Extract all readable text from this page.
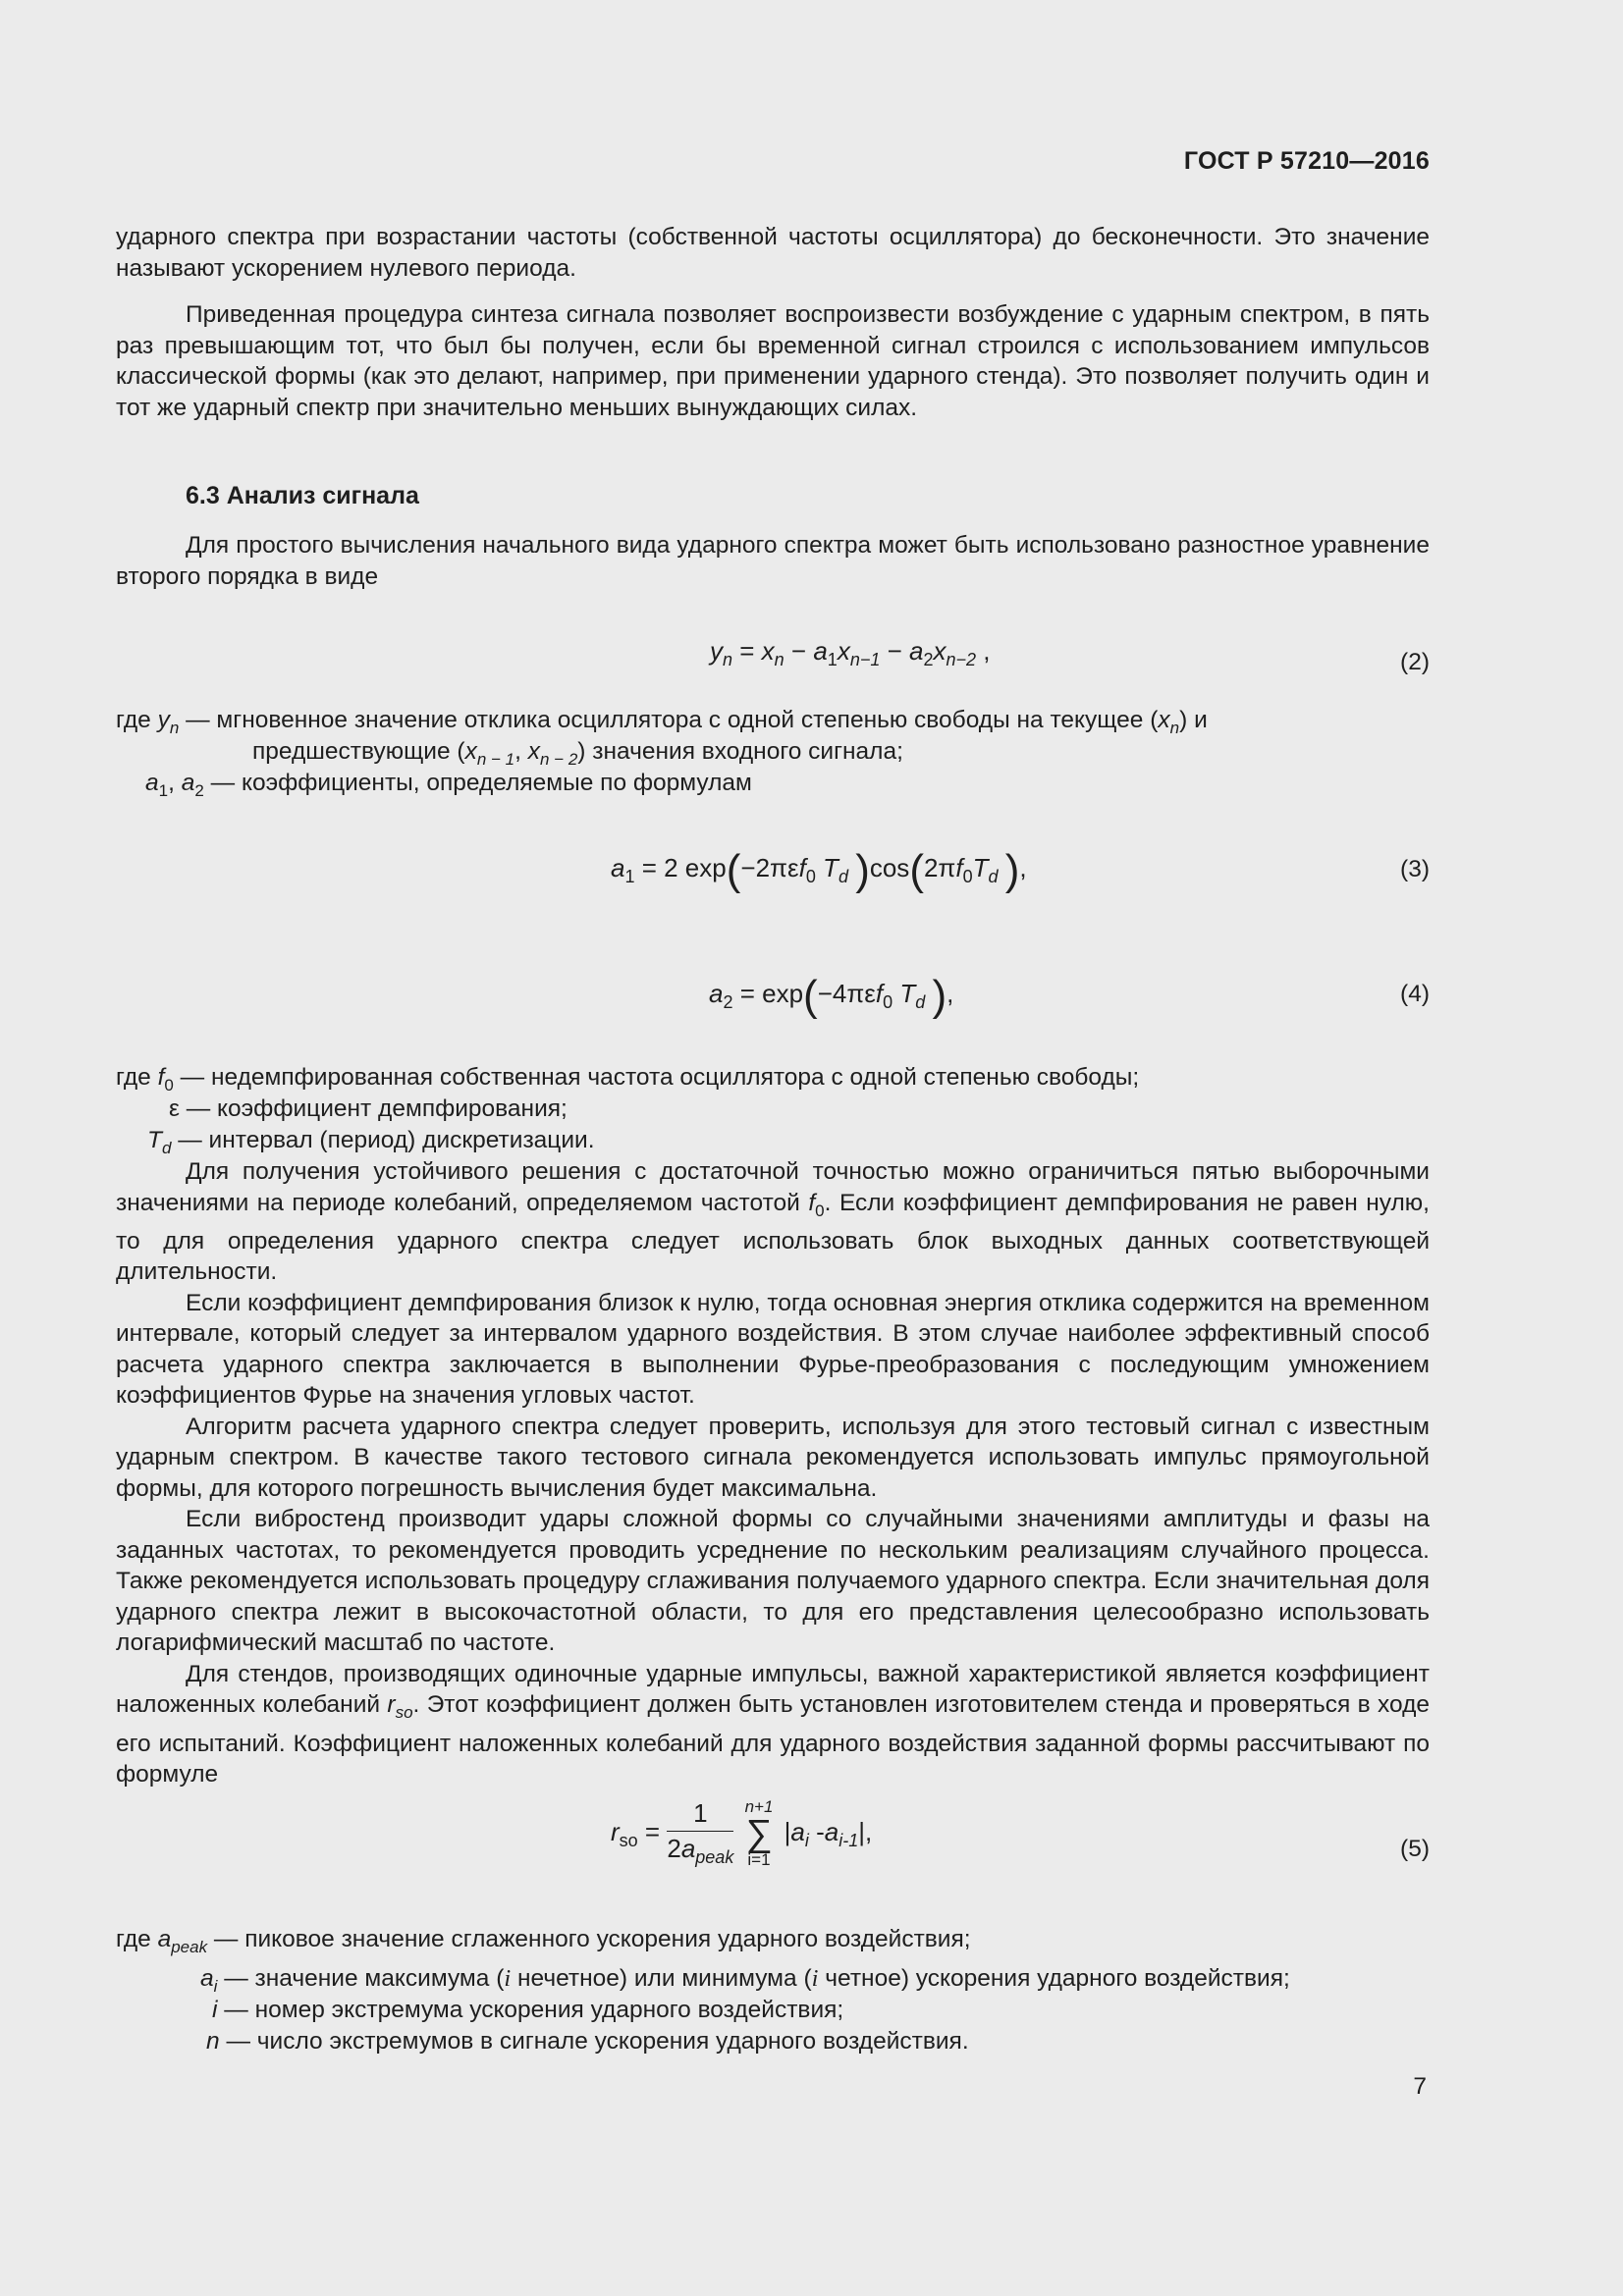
ГОСТ Р 57210—2016

ударного спектра при возрастании частоты (собственной частоты осциллятора) до бесконечности. Это значение называют ускорением нулевого периода.

Приведенная процедура синтеза сигнала позволяет воспроизвести возбуждение с ударным спектром, в пять раз превышающим тот, что был бы получен, если бы временной сигнал строился с использованием импульсов классической формы (как это делают, например, при применении ударного стенда). Это позволяет получить один и тот же ударный спектр при значительно меньших вынуждающих силах.

6.3 Анализ сигнала

Для простого вычисления начального вида ударного спектра может быть использовано разностное уравнение второго порядка в виде

$y_n = x_n - a_1x_{n-1} - a_2x_{n-2}$ ,	(2)
где $y_n$ — мгновенное значение отклика осциллятора с одной степенью свободы на текущее $(x_n)$ и
предшествующие ($x_{n - 1}$, $x_{n - 2}$) значения входного сигнала;
$a_1$, $a_2$ — коэффициенты, определяемые по формулам
$a_1 = 2$ exp(−2πεf$_0$ $T_d$ )$\cos(2\pi f_0T_d$ ),	(3)
$a_2 = \exp(-4\pi\varepsilon f_0$ $T_d$ ),	(4)
где $f_0$ — недемпфированная собственная частота осциллятора с одной степенью свободы;
ε — коэффициент демпфирования;
$T_d$ — интервал (период) дискретизации.

Для получения устойчивого решения с достаточной точностью можно ограничиться пятью выборочными значениями на периоде колебаний, определяемом частотой $f_0$. Если коэффициент демпфирования не равен нулю, то для определения ударного спектра следует использовать блок выходных данных соответствующей длительности.

Если коэффициент демпфирования близок к нулю, тогда основная энергия отклика содержится на временном интервале, который следует за интервалом ударного воздействия. В этом случае наиболее эффективный способ расчета ударного спектра заключается в выполнении Фурье-преобразования с последующим умножением коэффициентов Фурье на значения угловых частот.

Алгоритм расчета ударного спектра следует проверить, используя для этого тестовый сигнал с известным ударным спектром. В качестве такого тестового сигнала рекомендуется использовать импульс прямоугольной формы, для которого погрешность вычисления будет максимальна.

Если вибростенд производит удары сложной формы со случайными значениями амплитуды и фазы на заданных частотах, то рекомендуется проводить усреднение по нескольким реализациям случайного процесса. Также рекомендуется использовать процедуру сглаживания получаемого ударного спектра. Если значительная доля ударного спектра лежит в высокочастотной области, то для его представления целесообразно использовать логарифмический масштаб по частоте.

Для стендов, производящих одиночные ударные импульсы, важной характеристикой является коэффициент наложенных колебаний $r_{so}$. Этот коэффициент должен быть установлен изготовителем стенда и проверяться в ходе его испытаний. Коэффициент наложенных колебаний для ударного воздействия заданной формы рассчитывают по формуле

$r_{so} = \frac{1}{2a_{peak}}$
n+1
∑
i=1
$|a_i$ $-a_{i-1}|$,
(5)
где $a_{peak}$ — пиковое значение сглаженного ускорения ударного воздействия;
$a_i$ — значение максимума (i нечетное) или минимума (i четное) ускорения ударного воздействия;
i — номер экстремума ускорения ударного воздействия;
n — число экстремумов в сигнале ускорения ударного воздействия.
7
